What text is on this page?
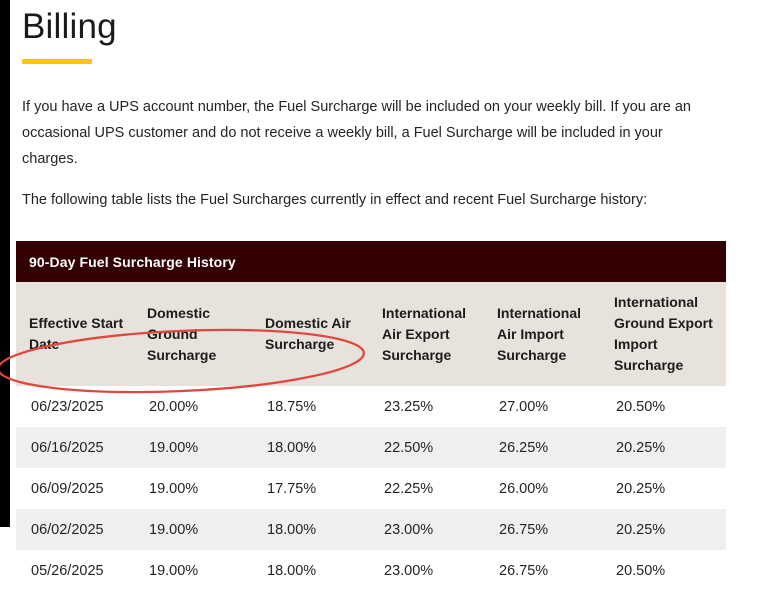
Billing

If you have a UPS account number, the Fuel Surcharge will be included on your weekly bill. If you are an occasional UPS customer and do not receive a weekly bill, a Fuel Surcharge will be included in your charges.

The following table lists the Fuel Surcharges currently in effect and recent Fuel Surcharge history:

90-Day Fuel Surcharge History
Effective Start Date	Domestic Ground Surcharge	Domestic Air Surcharge	International Air Export Surcharge	International Air Import Surcharge	International Ground Export Import Surcharge
06/23/2025	20.00%	18.75%	23.25%	27.00%	20.50%
06/16/2025	19.00%	18.00%	22.50%	26.25%	20.25%
06/09/2025	19.00%	17.75%	22.25%	26.00%	20.25%
06/02/2025	19.00%	18.00%	23.00%	26.75%	20.25%
05/26/2025	19.00%	18.00%	23.00%	26.75%	20.50%
